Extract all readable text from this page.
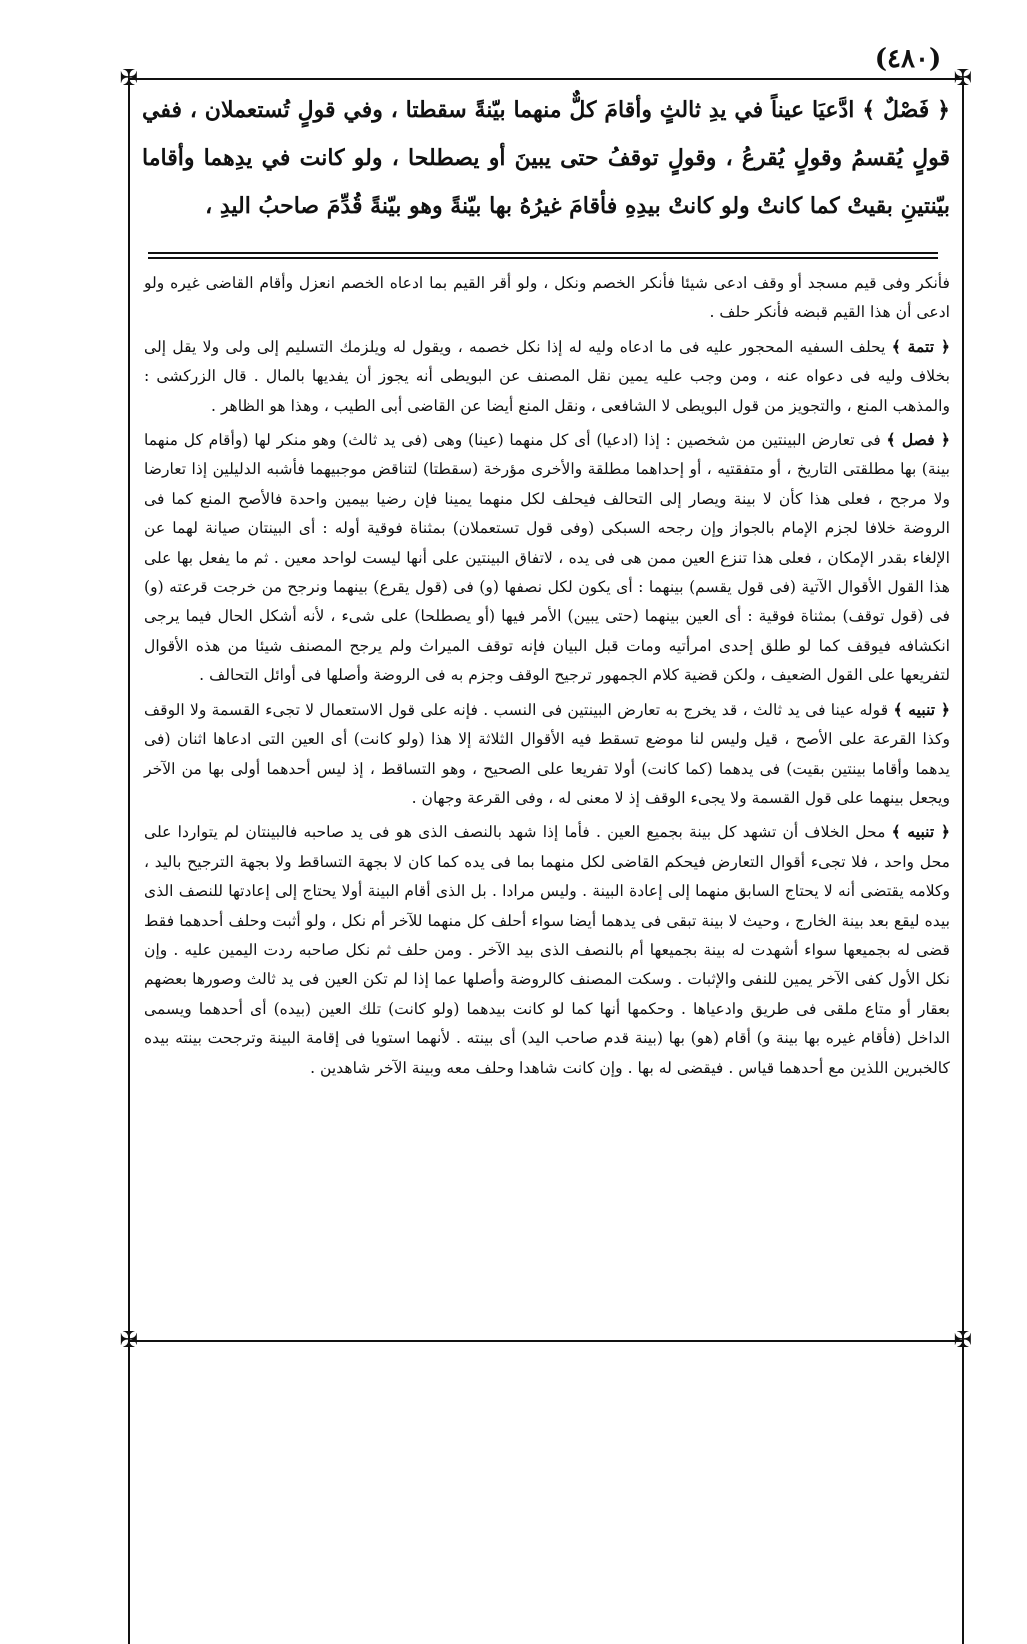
(٤٨٠)
✠	✠
✠	✠

﴿ فَصْلٌ ﴾ ادَّعيَا عيناً في يدِ ثالثٍ وأقامَ كلٌّ منهما بيّنةً سقطتا ، وفي قولٍ تُستعملان ، ففي قولٍ يُقسمُ وقولٍ يُقرعُ ، وقولٍ توقفُ حتى يبينَ أو يصطلحا ، ولو كانت في يدِهما وأقاما بيّنتينِ بقيتْ كما كانتْ ولو كانتْ بيدِهِ فأقامَ غيرُهُ بها بيّنةً وهو بيّنةً قُدِّمَ صاحبُ اليدِ ،

فأنكر وفى قيم مسجد أو وقف ادعى شيئا فأنكر الخصم ونكل ، ولو أقر القيم بما ادعاه الخصم انعزل وأقام القاضى غيره ولو ادعى أن هذا القيم قبضه فأنكر حلف .

﴿ تتمة ﴾ يحلف السفيه المحجور عليه فى ما ادعاه وليه له إذا نكل خصمه ، ويقول له ويلزمك التسليم إلى ولى ولا يقل إلى بخلاف وليه فى دعواه عنه ، ومن وجب عليه يمين نقل المصنف عن البويطى أنه يجوز أن يفديها بالمال . قال الزركشى : والمذهب المنع ، والتجويز من قول البويطى لا الشافعى ، ونقل المنع أيضا عن القاضى أبى الطيب ، وهذا هو الظاهر .

﴿ فصل ﴾ فى تعارض البينتين من شخصين : إذا (ادعيا) أى كل منهما (عينا) وهى (فى يد ثالث) وهو منكر لها (وأقام كل منهما بينة) بها مطلقتى التاريخ ، أو متفقتيه ، أو إحداهما مطلقة والأخرى مؤرخة (سقطتا) لتناقض موجبيهما فأشبه الدليلين إذا تعارضا ولا مرجح ، فعلى هذا كأن لا بينة ويصار إلى التحالف فيحلف لكل منهما يمينا فإن رضيا بيمين واحدة فالأصح المنع كما فى الروضة خلافا لجزم الإمام بالجواز وإن رجحه السبكى (وفى قول تستعملان) بمثناة فوقية أوله : أى البينتان صيانة لهما عن الإلغاء بقدر الإمكان ، فعلى هذا تنزع العين ممن هى فى يده ، لاتفاق البينتين على أنها ليست لواحد معين . ثم ما يفعل بها على هذا القول الأقوال الآتية (فى قول يقسم) بينهما : أى يكون لكل نصفها (و) فى (قول يقرع) بينهما ونرجح من خرجت قرعته (و) فى (قول توقف) بمثناة فوقية : أى العين بينهما (حتى يبين) الأمر فيها (أو يصطلحا) على شىء ، لأنه أشكل الحال فيما يرجى انكشافه فيوقف كما لو طلق إحدى امرأتيه ومات قبل البيان فإنه توقف الميراث ولم يرجح المصنف شيئا من هذه الأقوال لتفريعها على القول الضعيف ، ولكن قضية كلام الجمهور ترجيح الوقف وجزم به فى الروضة وأصلها فى أوائل التحالف .

﴿ تنبيه ﴾ قوله عينا فى يد ثالث ، قد يخرج به تعارض البينتين فى النسب . فإنه على قول الاستعمال لا تجىء القسمة ولا الوقف وكذا القرعة على الأصح ، قيل وليس لنا موضع تسقط فيه الأقوال الثلاثة إلا هذا (ولو كانت) أى العين التى ادعاها اثنان (فى يدهما وأقاما بينتين بقيت) فى يدهما (كما كانت) أولا تفريعا على الصحيح ، وهو التساقط ، إذ ليس أحدهما أولى بها من الآخر ويجعل بينهما على قول القسمة ولا يجىء الوقف إذ لا معنى له ، وفى القرعة وجهان .

﴿ تنبيه ﴾ محل الخلاف أن تشهد كل بينة بجميع العين . فأما إذا شهد بالنصف الذى هو فى يد صاحبه فالبينتان لم يتواردا على محل واحد ، فلا تجىء أقوال التعارض فيحكم القاضى لكل منهما بما فى يده كما كان لا بجهة التساقط ولا بجهة الترجيح باليد ، وكلامه يقتضى أنه لا يحتاج السابق منهما إلى إعادة البينة . وليس مرادا . بل الذى أقام البينة أولا يحتاج إلى إعادتها للنصف الذى بيده ليقع بعد بينة الخارج ، وحيث لا بينة تبقى فى يدهما أيضا سواء أحلف كل منهما للآخر أم نكل ، ولو أثبت وحلف أحدهما فقط قضى له بجميعها سواء أشهدت له بينة بجميعها أم بالنصف الذى بيد الآخر . ومن حلف ثم نكل صاحبه ردت اليمين عليه . وإن نكل الأول كفى الآخر يمين للنفى والإثبات . وسكت المصنف كالروضة وأصلها عما إذا لم تكن العين فى يد ثالث وصورها بعضهم بعقار أو متاع ملقى فى طريق وادعياها . وحكمها أنها كما لو كانت بيدهما (ولو كانت) تلك العين (بيده) أى أحدهما ويسمى الداخل (فأقام غيره بها بينة و) أقام (هو) بها (بينة قدم صاحب اليد) أى بينته . لأنهما استويا فى إقامة البينة وترجحت بينته بيده كالخبرين اللذين مع أحدهما قياس . فيقضى له بها . وإن كانت شاهدا وحلف معه وبينة الآخر شاهدين .
